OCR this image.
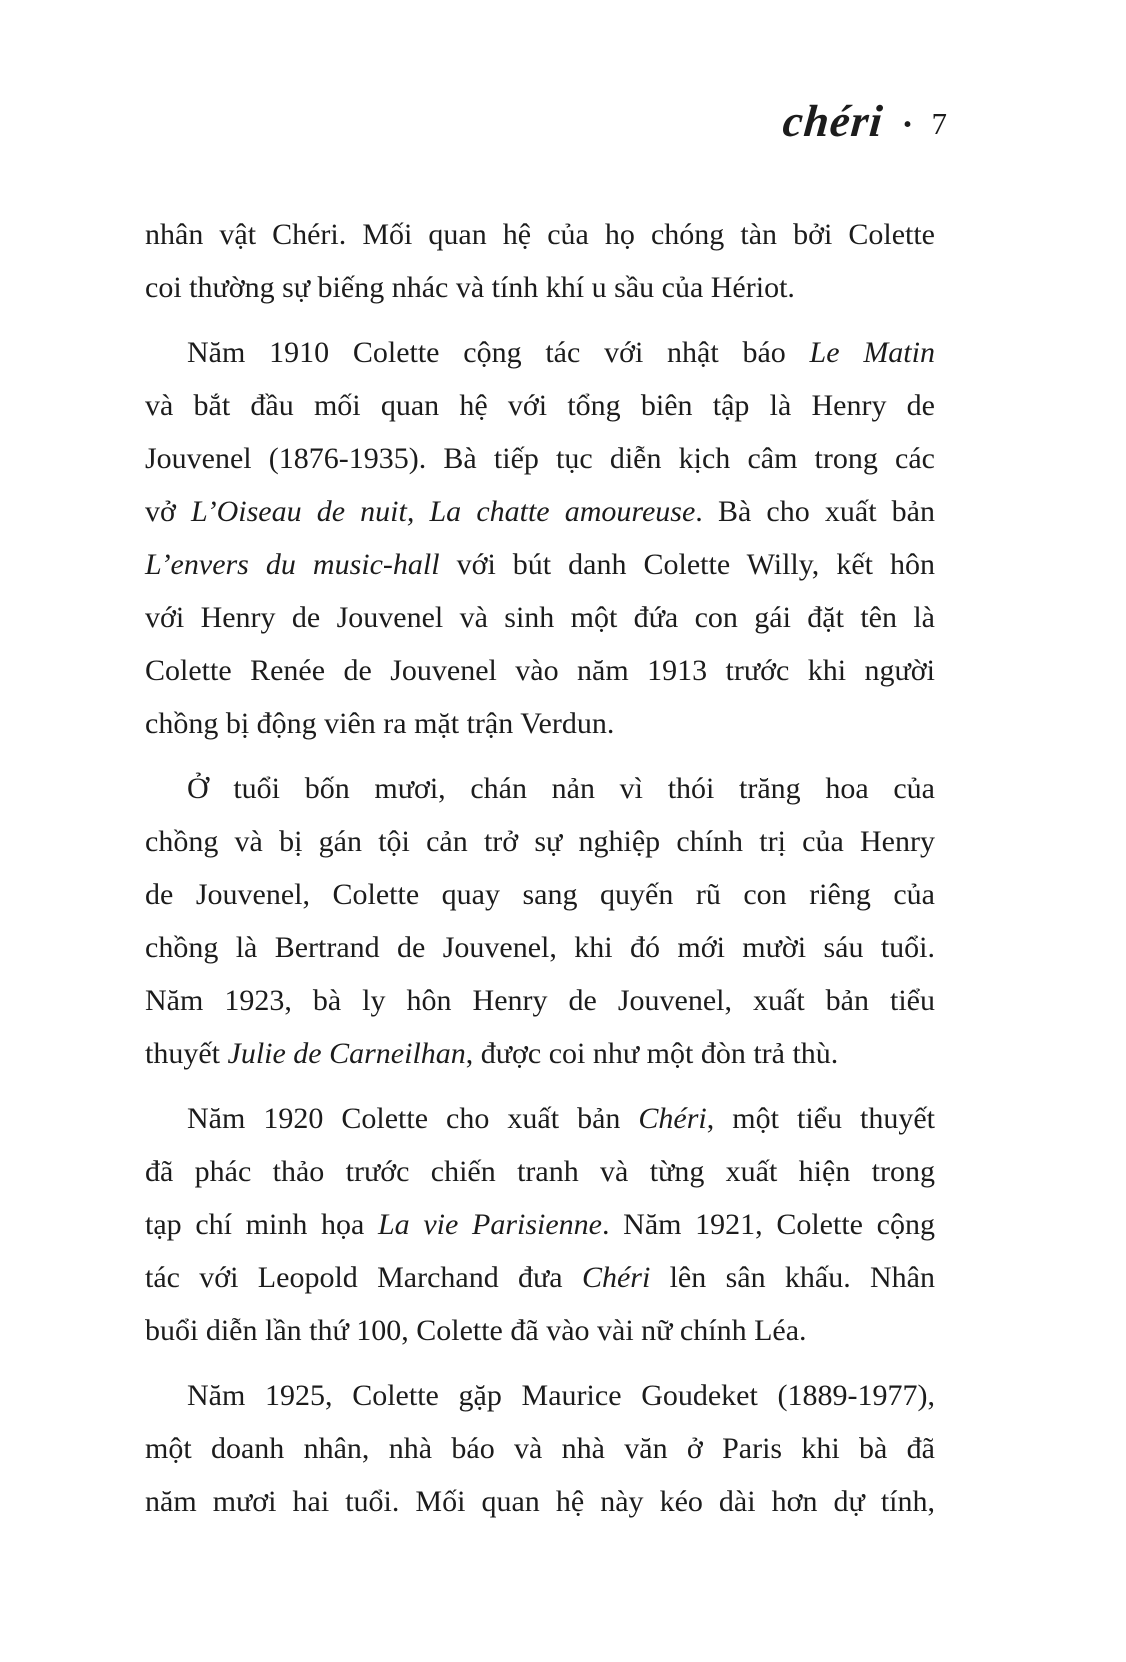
chéri · 7

nhân vật Chéri. Mối quan hệ của họ chóng tàn bởi Colette
coi thường sự biếng nhác và tính khí u sầu của Hériot.

Năm 1910 Colette cộng tác với nhật báo Le Matin
và bắt đầu mối quan hệ với tổng biên tập là Henry de
Jouvenel (1876-1935). Bà tiếp tục diễn kịch câm trong các
vở L’Oiseau de nuit, La chatte amoureuse. Bà cho xuất bản
L’envers du music-hall với bút danh Colette Willy, kết hôn
với Henry de Jouvenel và sinh một đứa con gái đặt tên là
Colette Renée de Jouvenel vào năm 1913 trước khi người
chồng bị động viên ra mặt trận Verdun.

Ở tuổi bốn mươi, chán nản vì thói trăng hoa của
chồng và bị gán tội cản trở sự nghiệp chính trị của Henry
de Jouvenel, Colette quay sang quyến rũ con riêng của
chồng là Bertrand de Jouvenel, khi đó mới mười sáu tuổi.
Năm 1923, bà ly hôn Henry de Jouvenel, xuất bản tiểu
thuyết Julie de Carneilhan, được coi như một đòn trả thù.

Năm 1920 Colette cho xuất bản Chéri, một tiểu thuyết
đã phác thảo trước chiến tranh và từng xuất hiện trong
tạp chí minh họa La vie Parisienne. Năm 1921, Colette cộng
tác với Leopold Marchand đưa Chéri lên sân khấu. Nhân
buổi diễn lần thứ 100, Colette đã vào vài nữ chính Léa.

Năm 1925, Colette gặp Maurice Goudeket (1889-1977),
một doanh nhân, nhà báo và nhà văn ở Paris khi bà đã
năm mươi hai tuổi. Mối quan hệ này kéo dài hơn dự tính,
